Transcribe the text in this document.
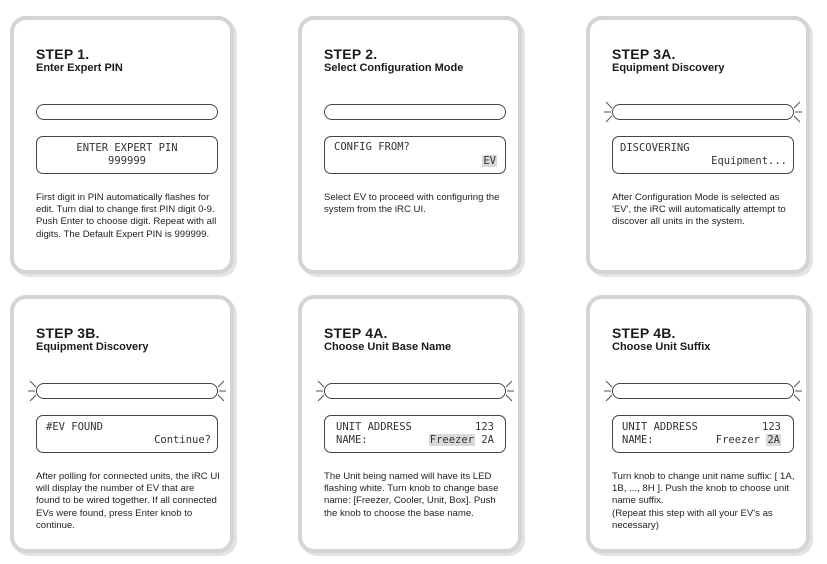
STEP 1.
Enter Expert PIN
ENTER EXPERT PIN
999999
First digit in PIN automatically flashes for edit. Turn dial to change first PIN digit 0-9. Push Enter to choose digit. Repeat with all digits. The Default Expert PIN is 999999.
STEP 2.
Select Configuration Mode
CONFIG FROM?
EV
Select EV to proceed with configuring the system from the iRC UI.
STEP 3A.
Equipment Discovery
DISCOVERING
Equipment...
After Configuration Mode is selected as 'EV', the iRC will automatically attempt to discover all units in the system.
STEP 3B.
Equipment Discovery
#EV FOUND
Continue?
After polling for connected units, the iRC UI will display the number of EV that are found to be wired together. If all connected EVs were found, press Enter knob to continue.
STEP 4A.
Choose Unit Base Name
UNIT ADDRESS	123
NAME:	Freezer 2A
The Unit being named will have its LED flashing white. Turn knob to change base name: [Freezer, Cooler, Unit, Box]. Push the knob to choose the base name.
STEP 4B.
Choose Unit Suffix
UNIT ADDRESS	123
NAME:	Freezer 2A
Turn knob to change unit name suffix: [ 1A, 1B, ..., 8H ]. Push the knob to choose unit name suffix.
(Repeat this step with all your EV's as necessary)
